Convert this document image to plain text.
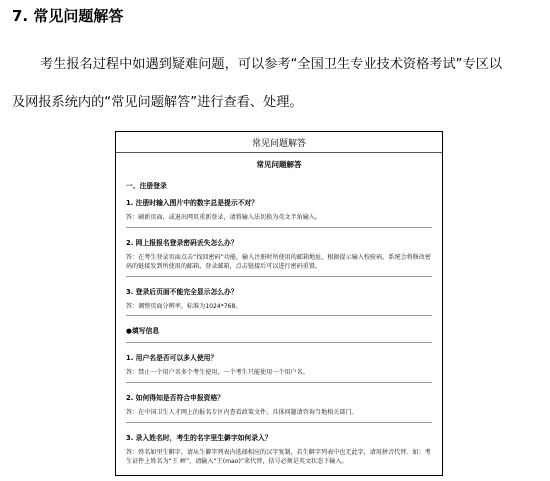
7. 常见问题解答
考生报名过程中如遇到疑难问题，可以参考“全国卫生专业技术资格考试”专区以
及网报系统内的“常见问题解答”进行查看、处理。
常见问题解答
常见问题解答
一、注册登录
1. 注册时输入图片中的数字总是提示不对？
答：刷新页面，或退出网页重新登录，请将输入法切换为英文半角输入。
2. 网上报报名登录密码丢失怎么办？
答：在考生登录页面点击“找回密码”功能，输入注册时所使用的邮箱地址，根据提示输入校验码，系统会将修改密码的链接发到所使用的邮箱，登录邮箱，点击链接后可以进行密码重置。
3. 登录后页面不能完全显示怎么办？
答：调整页面分辨率，标准为1024*768。
●填写信息
1. 用户名是否可以多人使用？
答：禁止一个用户名多个考生使用，一个考生只能使用一个用户名。
2. 如何得知是否符合申报资格？
答：在中国卫生人才网上的报名专区内查看政策文件，具体问题请咨询当地相关部门。
3. 录入姓名时，考生的名字里生僻字如何录入？
答：姓名如里生僻字，请从生僻字列表内选择相应的汉字复制，若生僻字列表中也无此字，请用拼音代替。如：考生证件上姓名为“王 㟉”，请输入“王(mao)”来代替，括号必须是英文状态下输入。
